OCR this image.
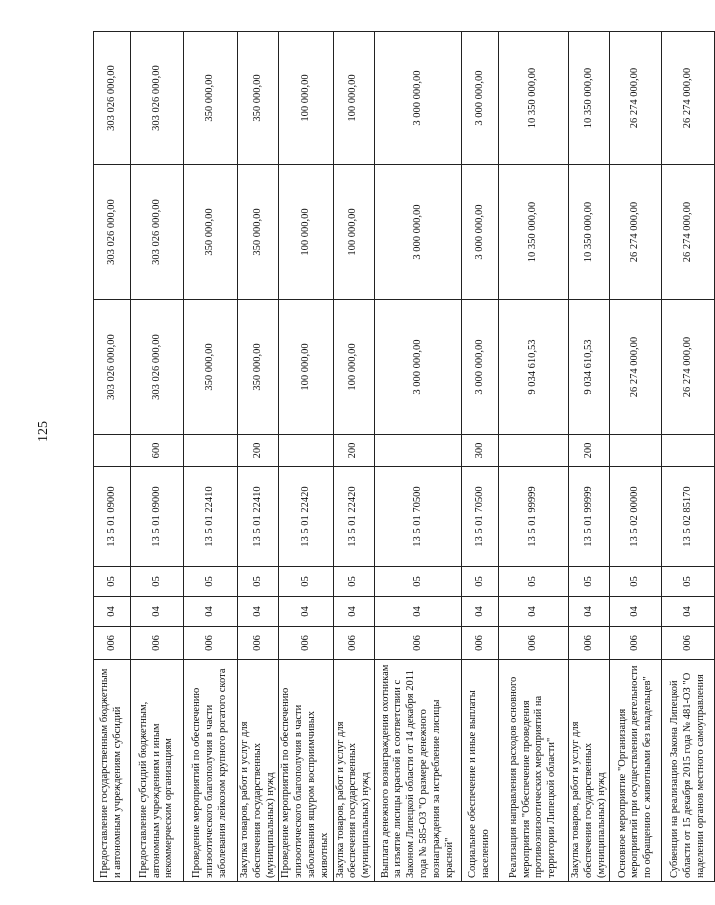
125
Предоставление государственным бюджетным и автономным учреждениям субсидий	006	04	05	13 5 01 09000		303 026 000,00	303 026 000,00	303 026 000,00
Предоставление субсидий бюджетным, автономным учреждениям и иным некоммерческим организациям	006	04	05	13 5 01 09000	600	303 026 000,00	303 026 000,00	303 026 000,00
Проведение мероприятий по обеспечению эпизоотического благополучия в части заболевания лейкозом крупного рогатого скота	006	04	05	13 5 01 22410		350 000,00	350 000,00	350 000,00
Закупка товаров, работ и услуг для обеспечения государственных (муниципальных) нужд	006	04	05	13 5 01 22410	200	350 000,00	350 000,00	350 000,00
Проведение мероприятий по обеспечению эпизоотического благополучия в части заболевания ящуром восприимчивых животных	006	04	05	13 5 01 22420		100 000,00	100 000,00	100 000,00
Закупка товаров, работ и услуг для обеспечения государственных (муниципальных) нужд	006	04	05	13 5 01 22420	200	100 000,00	100 000,00	100 000,00
Выплата денежного вознаграждения охотникам за изъятие лисицы красной в соответствии с Законом Липецкой области от 14 декабря 2011 года № 585-ОЗ "О размере денежного вознаграждения за истребление лисицы красной"	006	04	05	13 5 01 70500		3 000 000,00	3 000 000,00	3 000 000,00
Социальное обеспечение и иные выплаты населению	006	04	05	13 5 01 70500	300	3 000 000,00	3 000 000,00	3 000 000,00
Реализация направления расходов основного мероприятия "Обеспечение проведения противоэпизоотических мероприятий на территории Липецкой области"	006	04	05	13 5 01 99999		9 034 610,53	10 350 000,00	10 350 000,00
Закупка товаров, работ и услуг для обеспечения государственных (муниципальных) нужд	006	04	05	13 5 01 99999	200	9 034 610,53	10 350 000,00	10 350 000,00
Основное мероприятие "Организация мероприятий при осуществлении деятельности по обращению с животными без владельцев"	006	04	05	13 5 02 00000		26 274 000,00	26 274 000,00	26 274 000,00
Субвенции на реализацию Закона Липецкой области от 15 декабря 2015 года № 481-ОЗ "О наделении органов местного самоуправления	006	04	05	13 5 02 85170		26 274 000,00	26 274 000,00	26 274 000,00
